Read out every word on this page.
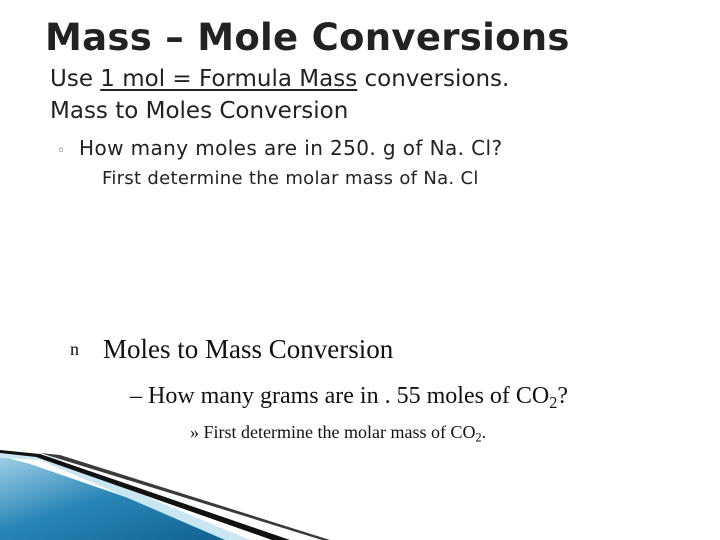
Mass – Mole Conversions
Use 1 mol = Formula Mass conversions.
Mass to Moles Conversion
◦ How many moles are in 250. g of Na. Cl?
First determine the molar mass of Na. Cl
n Moles to Mass Conversion
– How many grams are in . 55 moles of $CO_2$?
» First determine the molar mass of $CO_2$.
